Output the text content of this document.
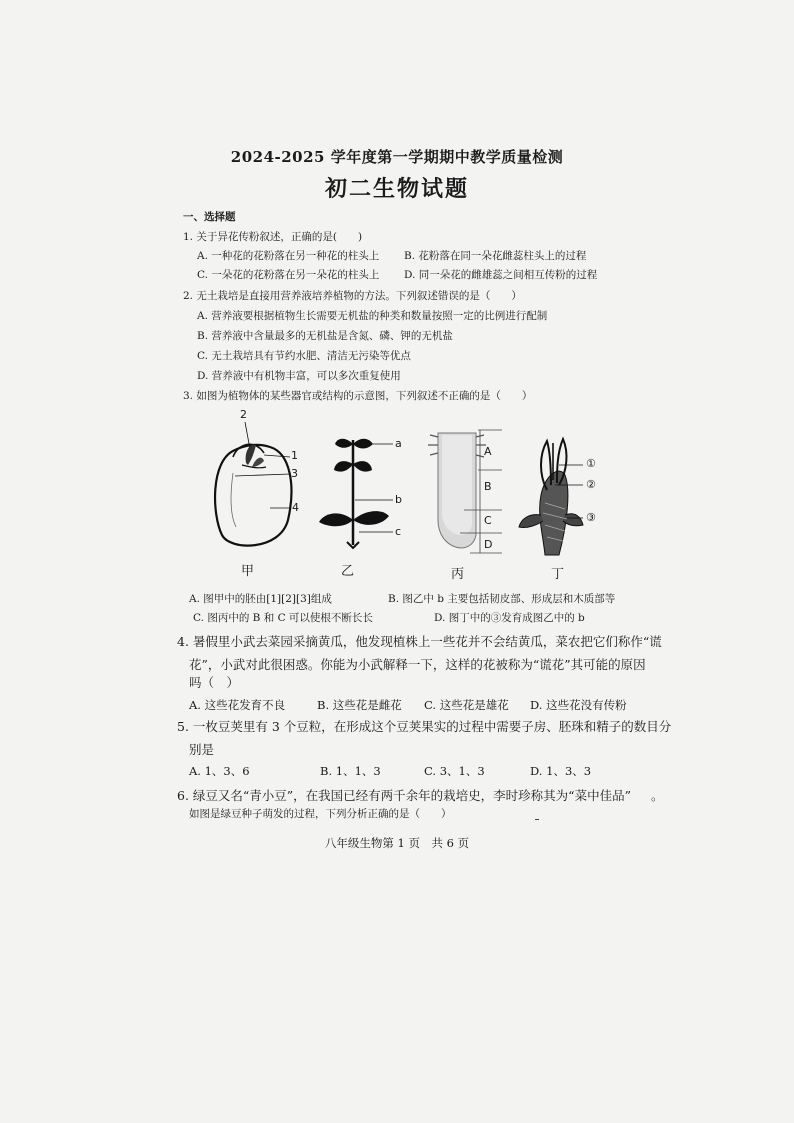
2024-2025 学年度第一学期期中教学质量检测
初二生物试题
一、选择题
1. 关于异花传粉叙述，正确的是(　　)
A. 一种花的花粉落在另一种花的柱头上 B. 花粉落在同一朵花雌蕊柱头上的过程
C. 一朵花的花粉落在另一朵花的柱头上 D. 同一朵花的雌雄蕊之间相互传粉的过程
2. 无土栽培是直接用营养液培养植物的方法。下列叙述错误的是（　　）
A. 营养液要根据植物生长需要无机盐的种类和数量按照一定的比例进行配制
B. 营养液中含量最多的无机盐是含氮、磷、钾的无机盐
C. 无土栽培具有节约水肥、清洁无污染等优点
D. 营养液中有机物丰富，可以多次重复使用
3. 如图为植物体的某些器官或结构的示意图，下列叙述不正确的是（　　）
2
1
3
4
甲
a
b
c
乙
A
B
C
D
丙
①
②
③
丁
A. 图甲中的胚由[1][2][3]组成	B. 图乙中 b 主要包括韧皮部、形成层和木质部等
C. 图丙中的 B 和 C 可以使根不断长长	D. 图丁中的③发育成图乙中的 b
4. 暑假里小武去菜园采摘黄瓜，他发现植株上一些花并不会结黄瓜，菜农把它们称作“谎
花”，小武对此很困惑。你能为小武解释一下，这样的花被称为“谎花”其可能的原因
吗（　）
A. 这些花发育不良	B. 这些花是雌花 C. 这些花是雄花 D. 这些花没有传粉
5. 一枚豆荚里有 3 个豆粒，在形成这个豆荚果实的过程中需要子房、胚珠和精子的数目分
别是
A. 1、3、6	B. 1、1、3	C. 3、1、3	D. 1、3、3
6. 绿豆又名“青小豆”，在我国已经有两千余年的栽培史，李时珍称其为“菜中佳品” 。
如图是绿豆种子萌发的过程，下列分析正确的是（　　）
八年级生物第 1 页　共 6 页
